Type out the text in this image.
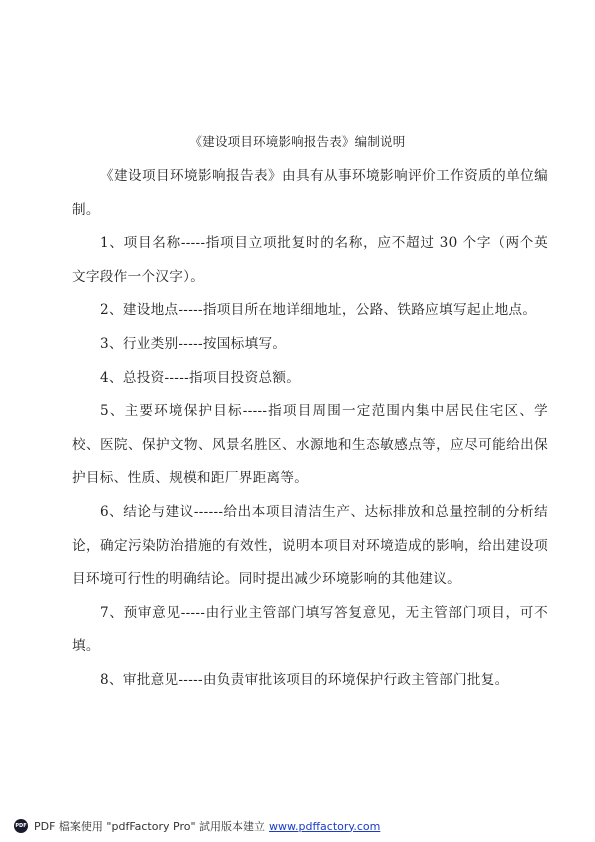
《建设项目环境影响报告表》编制说明

《建设项目环境影响报告表》由具有从事环境影响评价工作资质的单位编制。

1、项目名称-----指项目立项批复时的名称，应不超过 30 个字（两个英文字段作一个汉字）。

2、建设地点-----指项目所在地详细地址，公路、铁路应填写起止地点。

3、行业类别-----按国标填写。

4、总投资-----指项目投资总额。

5、主要环境保护目标-----指项目周围一定范围内集中居民住宅区、学校、医院、保护文物、风景名胜区、水源地和生态敏感点等，应尽可能给出保护目标、性质、规模和距厂界距离等。

6、结论与建议------给出本项目清洁生产、达标排放和总量控制的分析结论，确定污染防治措施的有效性，说明本项目对环境造成的影响，给出建设项目环境可行性的明确结论。同时提出减少环境影响的其他建议。

7、预审意见-----由行业主管部门填写答复意见，无主管部门项目，可不填。

8、审批意见-----由负责审批该项目的环境保护行政主管部门批复。

PDF PDF 檔案使用 "pdfFactory Pro" 試用版本建立 www.pdffactory.com
